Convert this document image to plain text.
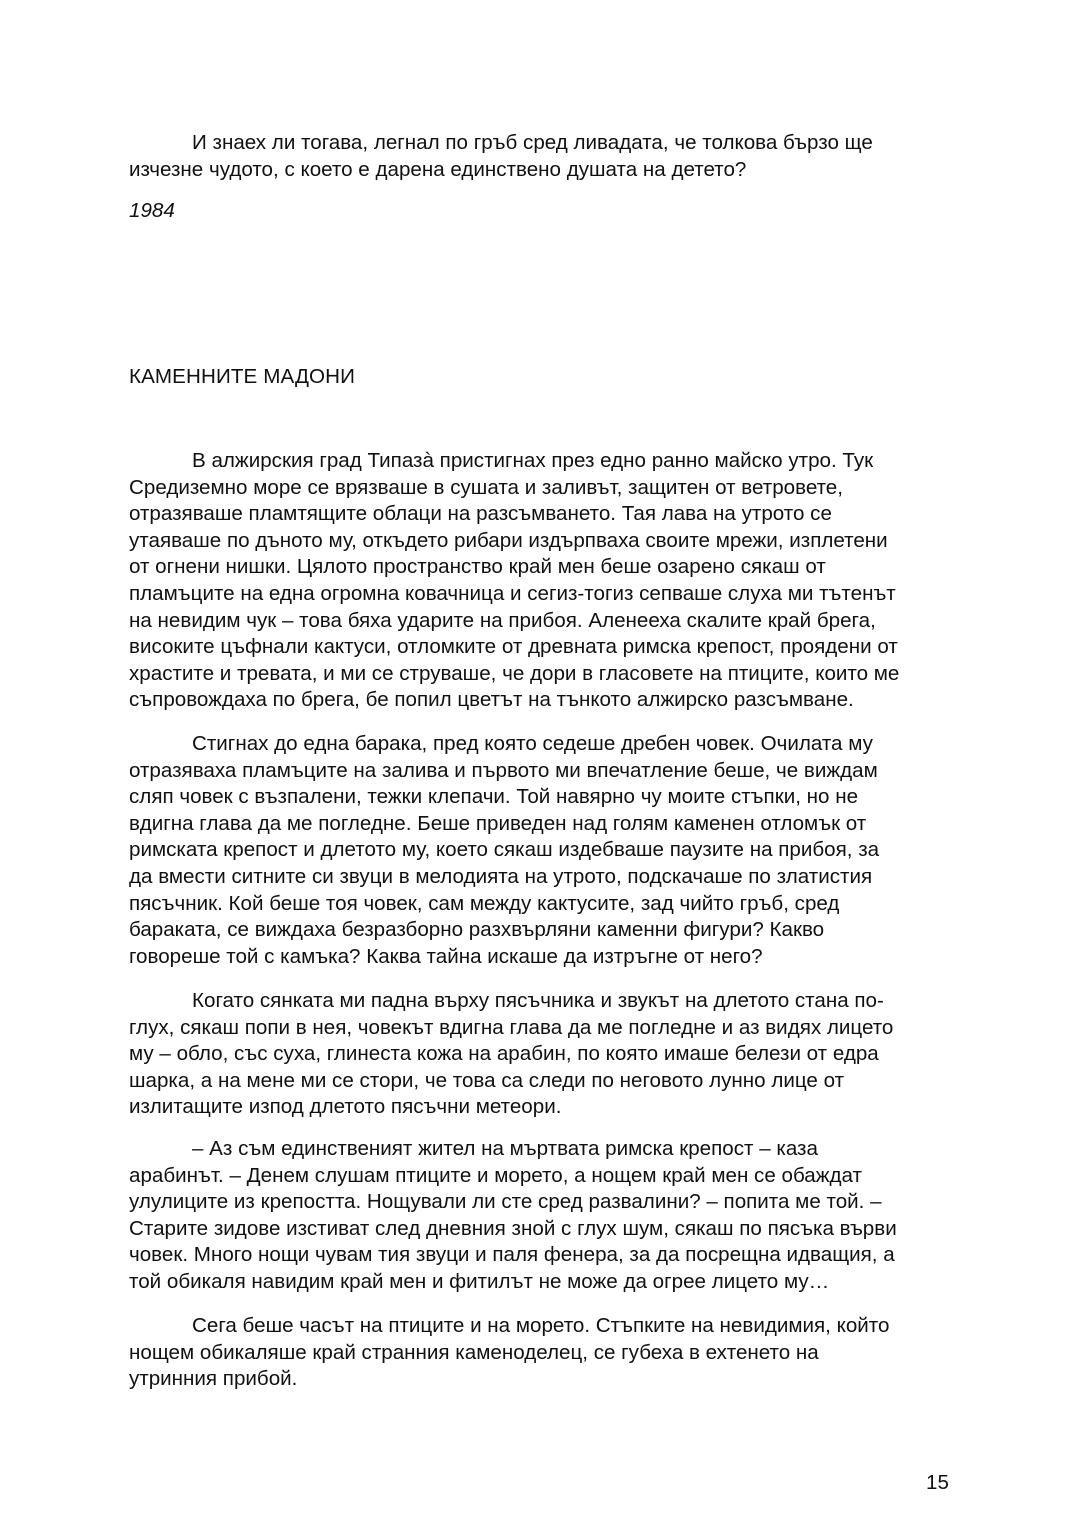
И знаех ли тогава, легнал по гръб сред ливадата, че толкова бързо ще
изчезне чудото, с което е дарена единствено душата на детето?

1984

КАМЕННИТЕ МАДОНИ

В алжирския град Типазà пристигнах през едно ранно майско утро. Тук
Средиземно море се врязваше в сушата и заливът, защитен от ветровете,
отразяваше пламтящите облаци на разсъмването. Тая лава на утрото се
утаяваше по дъното му, откъдето рибари издърпваха своите мрежи, изплетени
от огнени нишки. Цялото пространство край мен беше озарено сякаш от
пламъците на една огромна ковачница и сегиз-тогиз сепваше слуха ми тътенът
на невидим чук – това бяха ударите на прибоя. Аленееха скалите край брега,
високите цъфнали кактуси, отломките от древната римска крепост, проядени от
храстите и тревата, и ми се струваше, че дори в гласовете на птиците, които ме
съпровождаха по брега, бе попил цветът на тънкото алжирско разсъмване.

Стигнах до една барака, пред която седеше дребен човек. Очилата му
отразяваха пламъците на залива и първото ми впечатление беше, че виждам
сляп човек с възпалени, тежки клепачи. Той навярно чу моите стъпки, но не
вдигна глава да ме погледне. Беше приведен над голям каменен отломък от
римската крепост и длетото му, което сякаш издебваше паузите на прибоя, за
да вмести ситните си звуци в мелодията на утрото, подскачаше по златистия
пясъчник. Кой беше тоя човек, сам между кактусите, зад чийто гръб, сред
бараката, се виждаха безразборно разхвърляни каменни фигури? Какво
говореше той с камъка? Каква тайна искаше да изтръгне от него?

Когато сянката ми падна върху пясъчника и звукът на длетото стана по-
глух, сякаш попи в нея, човекът вдигна глава да ме погледне и аз видях лицето
му – обло, със суха, глинеста кожа на арабин, по която имаше белези от едра
шарка, а на мене ми се стори, че това са следи по неговото лунно лице от
излитащите изпод длетото пясъчни метеори.

– Аз съм единственият жител на мъртвата римска крепост – каза
арабинът. – Денем слушам птиците и морето, а нощем край мен се обаждат
улулиците из крепостта. Нощували ли сте сред развалини? – попита ме той. –
Старите зидове изстиват след дневния зной с глух шум, сякаш по пясъка върви
човек. Много нощи чувам тия звуци и паля фенера, за да посрещна идващия, а
той обикаля навидим край мен и фитилът не може да огрее лицето му…

Сега беше часът на птиците и на морето. Стъпките на невидимия, който
нощем обикаляше край странния каменоделец, се губеха в ехтенето на
утринния прибой.

15
